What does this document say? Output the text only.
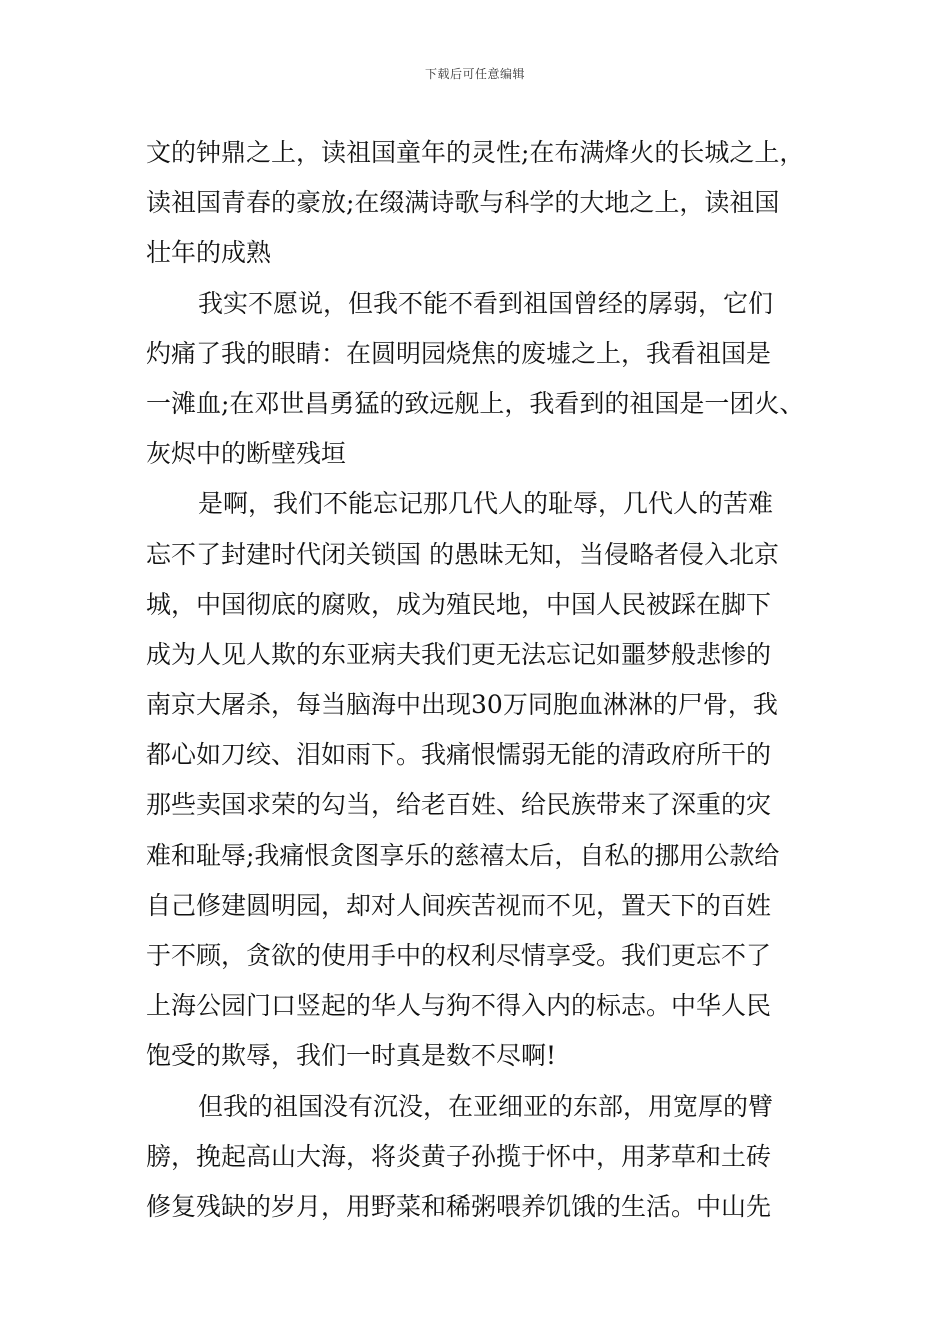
下载后可任意编辑
文的钟鼎之上，读祖国童年的灵性;在布满烽火的长城之上，
读祖国青春的豪放;在缀满诗歌与科学的大地之上，读祖国
壮年的成熟
我实不愿说，但我不能不看到祖国曾经的孱弱，它们
灼痛了我的眼睛：在圆明园烧焦的废墟之上，我看祖国是
一滩血;在邓世昌勇猛的致远舰上，我看到的祖国是一团火、
灰烬中的断壁残垣
是啊，我们不能忘记那几代人的耻辱，几代人的苦难
忘不了封建时代闭关锁国 的愚昧无知，当侵略者侵入北京
城，中国彻底的腐败，成为殖民地，中国人民被踩在脚下
成为人见人欺的东亚病夫我们更无法忘记如噩梦般悲惨的
南京大屠杀，每当脑海中出现30万同胞血淋淋的尸骨，我
都心如刀绞、泪如雨下。我痛恨懦弱无能的清政府所干的
那些卖国求荣的勾当，给老百姓、给民族带来了深重的灾
难和耻辱;我痛恨贪图享乐的慈禧太后，自私的挪用公款给
自己修建圆明园，却对人间疾苦视而不见，置天下的百姓
于不顾，贪欲的使用手中的权利尽情享受。我们更忘不了
上海公园门口竖起的华人与狗不得入内的标志。中华人民
饱受的欺辱，我们一时真是数不尽啊!
但我的祖国没有沉没，在亚细亚的东部，用宽厚的臂
膀，挽起高山大海，将炎黄子孙揽于怀中，用茅草和土砖
修复残缺的岁月，用野菜和稀粥喂养饥饿的生活。中山先
